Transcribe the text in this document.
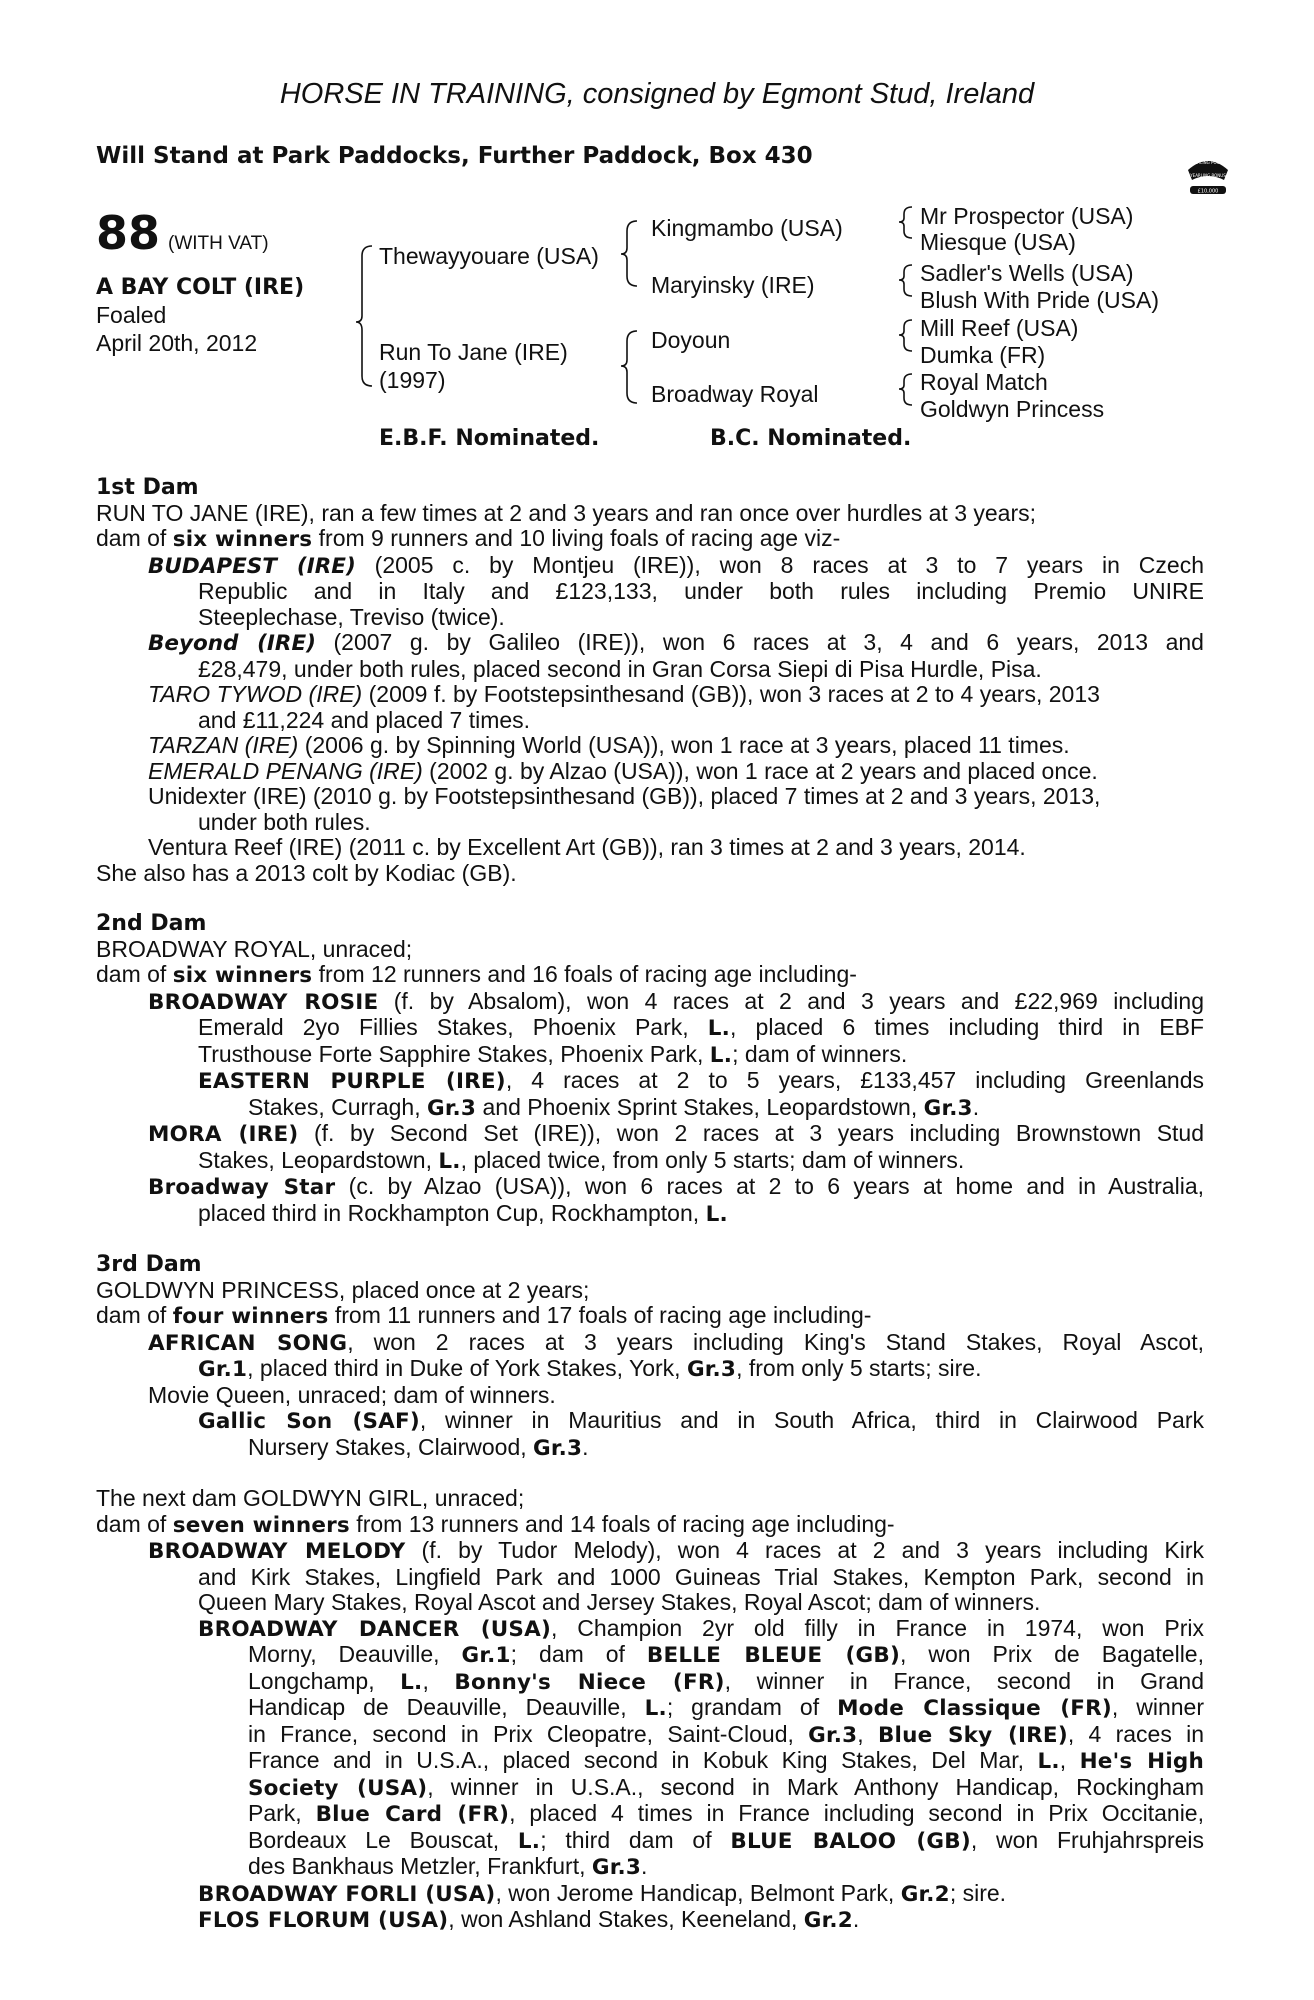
HORSE IN TRAINING, consigned by Egmont Stud, Ireland
Will Stand at Park Paddocks, Further Paddock, Box 430
88 (WITH VAT)
A BAY COLT (IRE)
Foaled
April 20th, 2012
RACING POST
YEARLING BONUS
£10,000
Thewayyouare (USA)
Run To Jane (IRE)
(1997)
Kingmambo (USA)
Maryinsky (IRE)
Doyoun
Broadway Royal
Mr Prospector (USA)
Miesque (USA)
Sadler's Wells (USA)
Blush With Pride (USA)
Mill Reef (USA)
Dumka (FR)
Royal Match
Goldwyn Princess
E.B.F. Nominated.	B.C. Nominated.

1st Dam

RUN TO JANE (IRE), ran a few times at 2 and 3 years and ran once over hurdles at 3 years;

dam of six winners from 9 runners and 10 living foals of racing age viz-

BUDAPEST (IRE) (2005 c. by Montjeu (IRE)), won 8 races at 3 to 7 years in Czech
Republic and in Italy and £123,133, under both rules including Premio UNIRE
Steeplechase, Treviso (twice).

Beyond (IRE) (2007 g. by Galileo (IRE)), won 6 races at 3, 4 and 6 years, 2013 and
£28,479, under both rules, placed second in Gran Corsa Siepi di Pisa Hurdle, Pisa.

TARO TYWOD (IRE) (2009 f. by Footstepsinthesand (GB)), won 3 races at 2 to 4 years, 2013
and £11,224 and placed 7 times.

TARZAN (IRE) (2006 g. by Spinning World (USA)), won 1 race at 3 years, placed 11 times.

EMERALD PENANG (IRE) (2002 g. by Alzao (USA)), won 1 race at 2 years and placed once.

Unidexter (IRE) (2010 g. by Footstepsinthesand (GB)), placed 7 times at 2 and 3 years, 2013,
under both rules.

Ventura Reef (IRE) (2011 c. by Excellent Art (GB)), ran 3 times at 2 and 3 years, 2014.

She also has a 2013 colt by Kodiac (GB).

2nd Dam

BROADWAY ROYAL, unraced;

dam of six winners from 12 runners and 16 foals of racing age including-

BROADWAY ROSIE (f. by Absalom), won 4 races at 2 and 3 years and £22,969 including
Emerald 2yo Fillies Stakes, Phoenix Park, L., placed 6 times including third in EBF
Trusthouse Forte Sapphire Stakes, Phoenix Park, L.; dam of winners.

EASTERN PURPLE (IRE), 4 races at 2 to 5 years, £133,457 including Greenlands
Stakes, Curragh, Gr.3 and Phoenix Sprint Stakes, Leopardstown, Gr.3.

MORA (IRE) (f. by Second Set (IRE)), won 2 races at 3 years including Brownstown Stud
Stakes, Leopardstown, L., placed twice, from only 5 starts; dam of winners.

Broadway Star (c. by Alzao (USA)), won 6 races at 2 to 6 years at home and in Australia,
placed third in Rockhampton Cup, Rockhampton, L.

3rd Dam

GOLDWYN PRINCESS, placed once at 2 years;

dam of four winners from 11 runners and 17 foals of racing age including-

AFRICAN SONG, won 2 races at 3 years including King's Stand Stakes, Royal Ascot,
Gr.1, placed third in Duke of York Stakes, York, Gr.3, from only 5 starts; sire.

Movie Queen, unraced; dam of winners.

Gallic Son (SAF), winner in Mauritius and in South Africa, third in Clairwood Park
Nursery Stakes, Clairwood, Gr.3.

The next dam GOLDWYN GIRL, unraced;

dam of seven winners from 13 runners and 14 foals of racing age including-

BROADWAY MELODY (f. by Tudor Melody), won 4 races at 2 and 3 years including Kirk
and Kirk Stakes, Lingfield Park and 1000 Guineas Trial Stakes, Kempton Park, second in
Queen Mary Stakes, Royal Ascot and Jersey Stakes, Royal Ascot; dam of winners.

BROADWAY DANCER (USA), Champion 2yr old filly in France in 1974, won Prix
Morny, Deauville, Gr.1; dam of BELLE BLEUE (GB), won Prix de Bagatelle,
Longchamp, L., Bonny's Niece (FR), winner in France, second in Grand
Handicap de Deauville, Deauville, L.; grandam of Mode Classique (FR), winner
in France, second in Prix Cleopatre, Saint-Cloud, Gr.3, Blue Sky (IRE), 4 races in
France and in U.S.A., placed second in Kobuk King Stakes, Del Mar, L., He's High
Society (USA), winner in U.S.A., second in Mark Anthony Handicap, Rockingham
Park, Blue Card (FR), placed 4 times in France including second in Prix Occitanie,
Bordeaux Le Bouscat, L.; third dam of BLUE BALOO (GB), won Fruhjahrspreis
des Bankhaus Metzler, Frankfurt, Gr.3.

BROADWAY FORLI (USA), won Jerome Handicap, Belmont Park, Gr.2; sire.

FLOS FLORUM (USA), won Ashland Stakes, Keeneland, Gr.2.
